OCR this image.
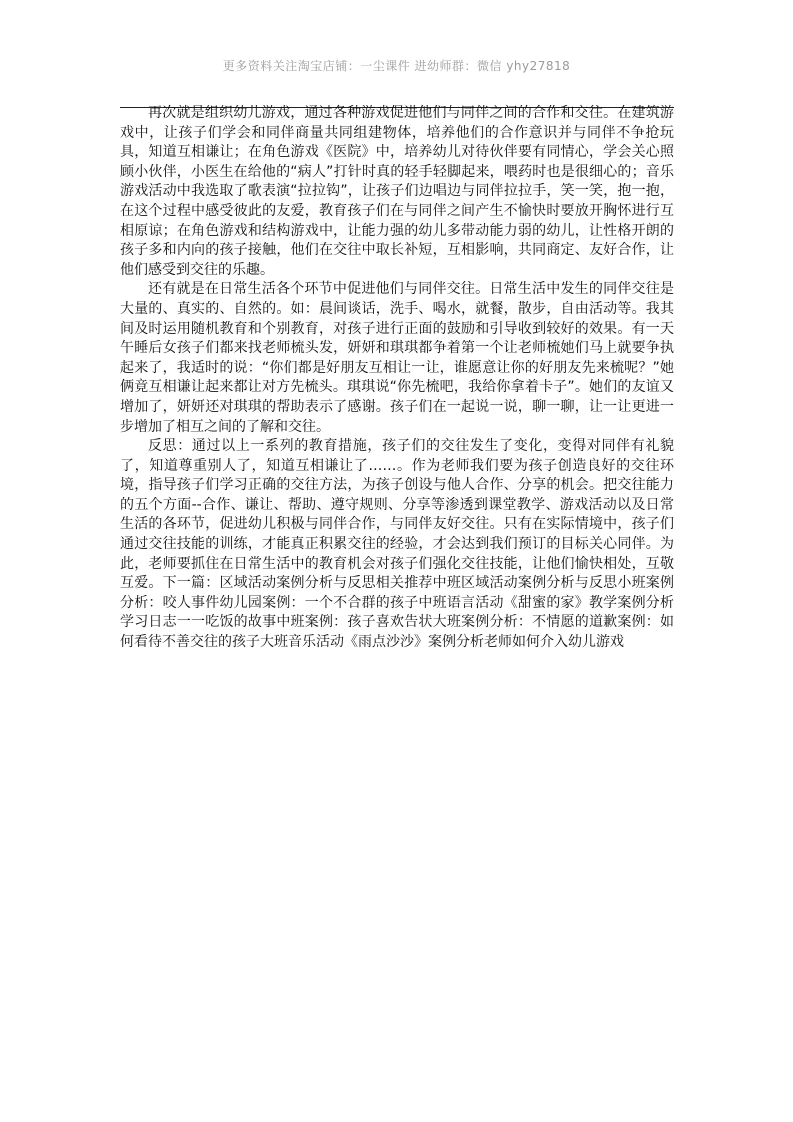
更多资料关注淘宝店铺：一尘课件 进幼师群：微信 yhy27818

再次就是组织幼儿游戏，通过各种游戏促进他们与同伴之间的合作和交往。在建筑游戏中，让孩子们学会和同伴商量共同组建物体，培养他们的合作意识并与同伴不争抢玩具，知道互相谦让；在角色游戏《医院》中，培养幼儿对待伙伴要有同情心，学会关心照顾小伙伴，小医生在给他的“病人”打针时真的轻手轻脚起来，喂药时也是很细心的；音乐游戏活动中我选取了歌表演“拉拉钩”，让孩子们边唱边与同伴拉拉手，笑一笑，抱一抱，在这个过程中感受彼此的友爱，教育孩子们在与同伴之间产生不愉快时要放开胸怀进行互相原谅；在角色游戏和结构游戏中，让能力强的幼儿多带动能力弱的幼儿，让性格开朗的孩子多和内向的孩子接触，他们在交往中取长补短，互相影响，共同商定、友好合作，让他们感受到交往的乐趣。

还有就是在日常生活各个环节中促进他们与同伴交往。日常生活中发生的同伴交往是大量的、真实的、自然的。如：晨间谈话，洗手、喝水，就餐，散步，自由活动等。我其间及时运用随机教育和个别教育，对孩子进行正面的鼓励和引导收到较好的效果。有一天午睡后女孩子们都来找老师梳头发，妍妍和琪琪都争着第一个让老师梳她们马上就要争执起来了，我适时的说：“你们都是好朋友互相让一让，谁愿意让你的好朋友先来梳呢？”她俩竟互相谦让起来都让对方先梳头。琪琪说“你先梳吧，我给你拿着卡子”。她们的友谊又增加了，妍妍还对琪琪的帮助表示了感谢。孩子们在一起说一说，聊一聊，让一让更进一步增加了相互之间的了解和交往。

反思：通过以上一系列的教育措施，孩子们的交往发生了变化，变得对同伴有礼貌了，知道尊重别人了，知道互相谦让了……。作为老师我们要为孩子创造良好的交往环境，指导孩子们学习正确的交往方法，为孩子创设与他人合作、分享的机会。把交往能力的五个方面--合作、谦让、帮助、遵守规则、分享等渗透到课堂教学、游戏活动以及日常生活的各环节，促进幼儿积极与同伴合作，与同伴友好交往。只有在实际情境中，孩子们通过交往技能的训练，才能真正积累交往的经验，才会达到我们预订的目标关心同伴。为此，老师要抓住在日常生活中的教育机会对孩子们强化交往技能，让他们愉快相处，互敬互爱。下一篇：区域活动案例分析与反思相关推荐中班区域活动案例分析与反思小班案例分析：咬人事件幼儿园案例：一个不合群的孩子中班语言活动《甜蜜的家》教学案例分析学习日志一一吃饭的故事中班案例：孩子喜欢告状大班案例分析：不情愿的道歉案例：如何看待不善交往的孩子大班音乐活动《雨点沙沙》案例分析老师如何介入幼儿游戏
